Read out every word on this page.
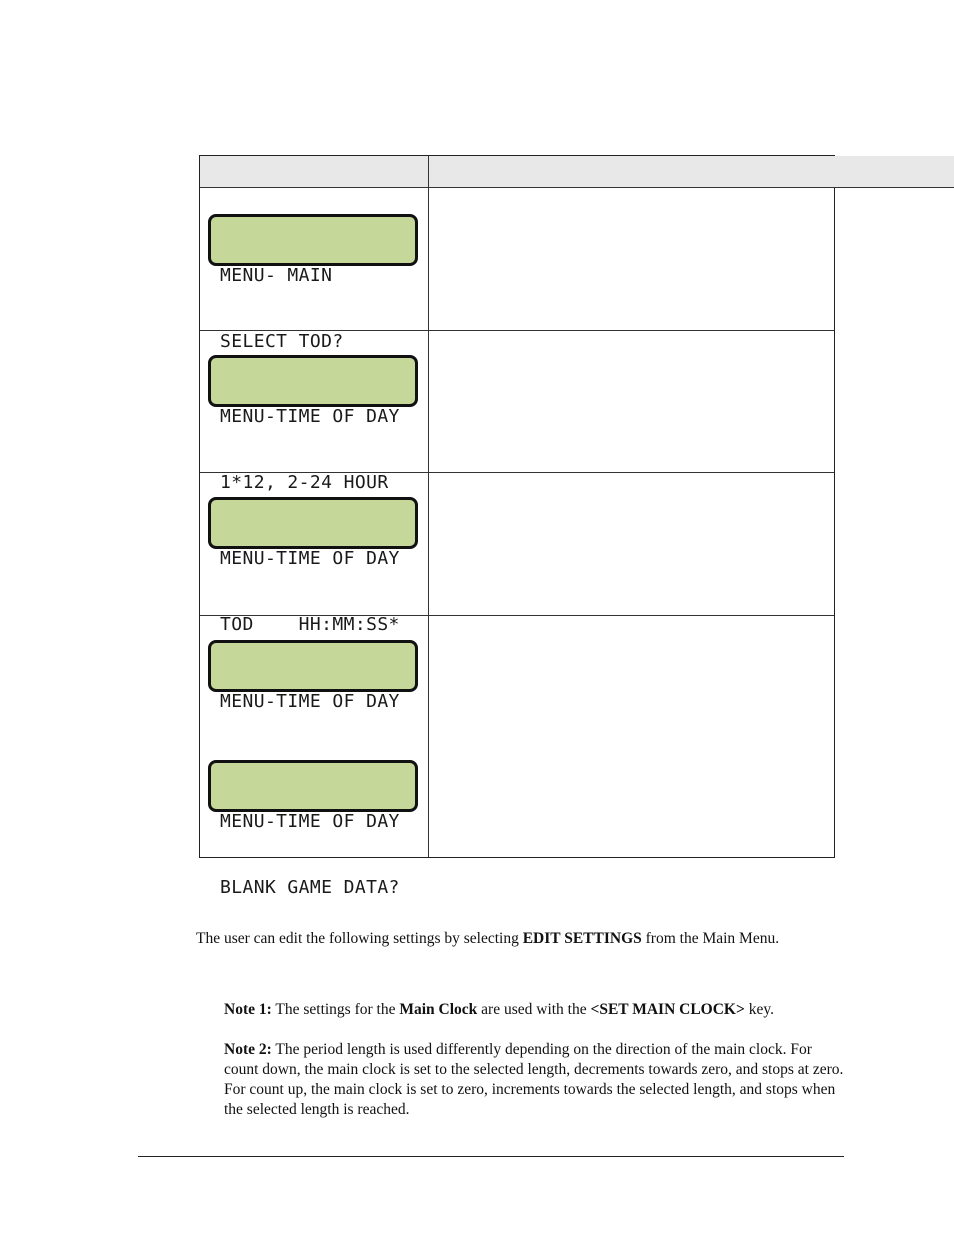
MENU- MAIN

SELECT TOD?

MENU-TIME OF DAY

1*12, 2-24 HOUR

MENU-TIME OF DAY

TOD    HH:MM:SS*

MENU-TIME OF DAY

MENU-TIME OF DAY

BLANK GAME DATA?

The user can edit the following settings by selecting EDIT SETTINGS from the Main Menu.
Note 1: The settings for the Main Clock are used with the <SET MAIN CLOCK> key.
Note 2: The period length is used differently depending on the direction of the main clock. For count down, the main clock is set to the selected length, decrements towards zero, and stops at zero. For count up, the main clock is set to zero, increments towards the selected length, and stops when the selected length is reached.
